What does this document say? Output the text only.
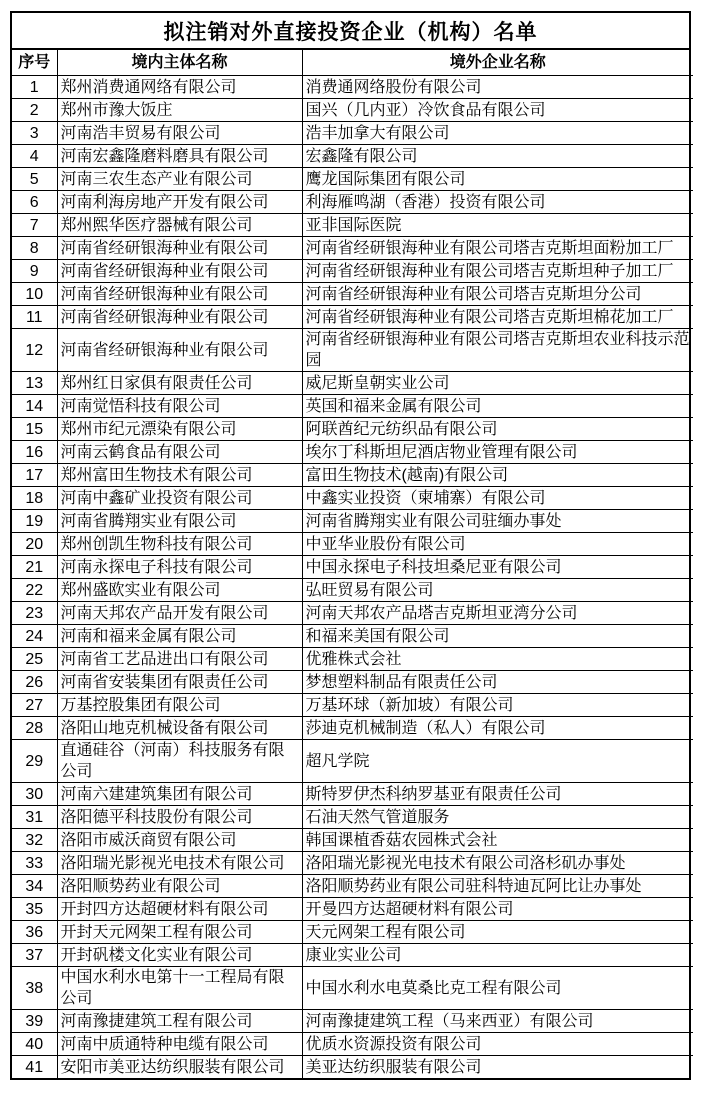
拟注销对外直接投资企业（机构）名单
序号	境内主体名称	境外企业名称
1	郑州消费通网络有限公司	消费通网络股份有限公司
2	郑州市豫大饭庄	国兴（几内亚）冷饮食品有限公司
3	河南浩丰贸易有限公司	浩丰加拿大有限公司
4	河南宏鑫隆磨料磨具有限公司	宏鑫隆有限公司
5	河南三农生态产业有限公司	鹰龙国际集团有限公司
6	河南利海房地产开发有限公司	利海雁鸣湖（香港）投资有限公司
7	郑州熙华医疗器械有限公司	亚非国际医院
8	河南省经研银海种业有限公司	河南省经研银海种业有限公司塔吉克斯坦面粉加工厂
9	河南省经研银海种业有限公司	河南省经研银海种业有限公司塔吉克斯坦种子加工厂
10	河南省经研银海种业有限公司	河南省经研银海种业有限公司塔吉克斯坦分公司
11	河南省经研银海种业有限公司	河南省经研银海种业有限公司塔吉克斯坦棉花加工厂
12	河南省经研银海种业有限公司	河南省经研银海种业有限公司塔吉克斯坦农业科技示范园
13	郑州红日家俱有限责任公司	威尼斯皇朝实业公司
14	河南觉悟科技有限公司	英国和福来金属有限公司
15	郑州市纪元漂染有限公司	阿联酋纪元纺织品有限公司
16	河南云鹤食品有限公司	埃尔丁科斯坦尼酒店物业管理有限公司
17	郑州富田生物技术有限公司	富田生物技术(越南)有限公司
18	河南中鑫矿业投资有限公司	中鑫实业投资（柬埔寨）有限公司
19	河南省腾翔实业有限公司	河南省腾翔实业有限公司驻缅办事处
20	郑州创凯生物科技有限公司	中亚华业股份有限公司
21	河南永探电子科技有限公司	中国永探电子科技坦桑尼亚有限公司
22	郑州盛欧实业有限公司	弘旺贸易有限公司
23	河南天邦农产品开发有限公司	河南天邦农产品塔吉克斯坦亚湾分公司
24	河南和福来金属有限公司	和福来美国有限公司
25	河南省工艺品进出口有限公司	优雅株式会社
26	河南省安装集团有限责任公司	梦想塑料制品有限责任公司
27	万基控股集团有限公司	万基环球（新加坡）有限公司
28	洛阳山地克机械设备有限公司	莎迪克机械制造（私人）有限公司
29	直通硅谷（河南）科技服务有限公司	超凡学院
30	河南六建建筑集团有限公司	斯特罗伊杰科纳罗基亚有限责任公司
31	洛阳德平科技股份有限公司	石油天然气管道服务
32	洛阳市威沃商贸有限公司	韩国课植香菇农园株式会社
33	洛阳瑞光影视光电技术有限公司	洛阳瑞光影视光电技术有限公司洛杉矶办事处
34	洛阳顺势药业有限公司	洛阳顺势药业有限公司驻科特迪瓦阿比让办事处
35	开封四方达超硬材料有限公司	开曼四方达超硬材料有限公司
36	开封天元网架工程有限公司	天元网架工程有限公司
37	开封矾楼文化实业有限公司	康业实业公司
38	中国水利水电第十一工程局有限公司	中国水利水电莫桑比克工程有限公司
39	河南豫捷建筑工程有限公司	河南豫捷建筑工程（马来西亚）有限公司
40	河南中质通特种电缆有限公司	优质水资源投资有限公司
41	安阳市美亚达纺织服装有限公司	美亚达纺织服装有限公司
